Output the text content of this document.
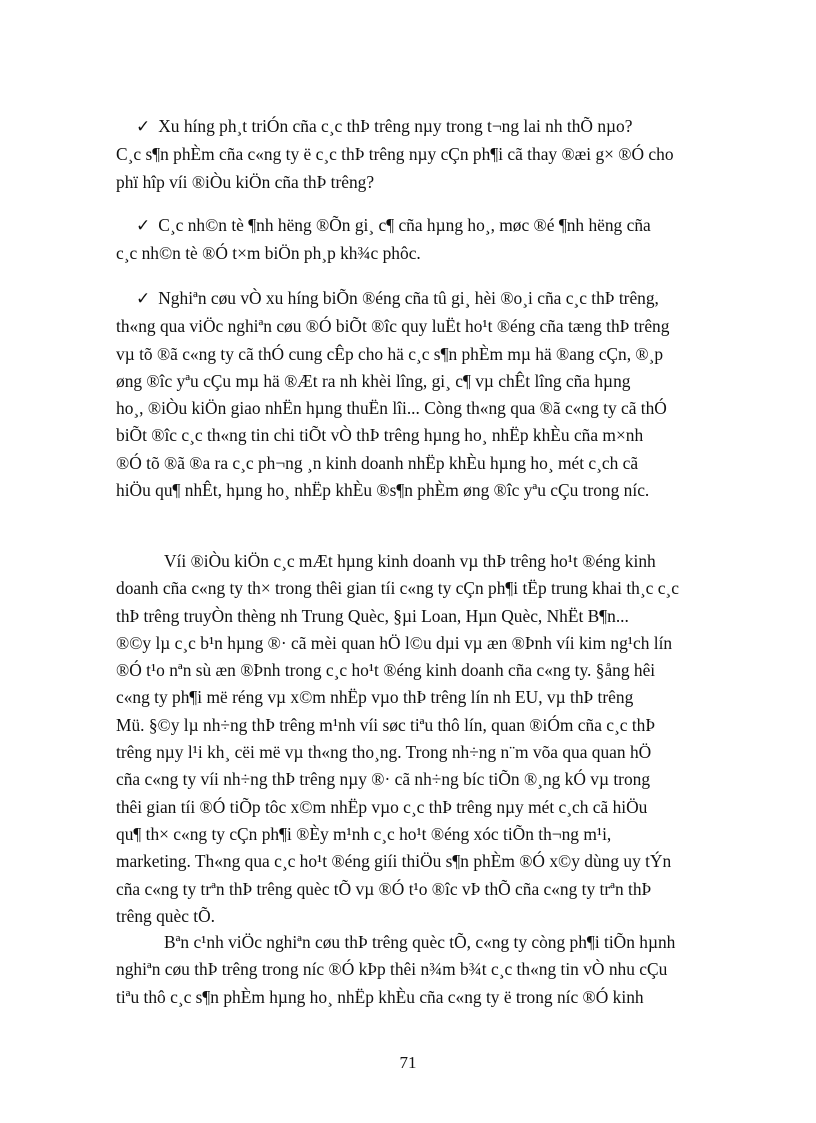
✓ Xu híng ph¸t triÓn cña c¸c thÞ trêng nµy trong t¬ng lai nh thÕ nµo?
C¸c s¶n phÈm cña c«ng ty ë c¸c thÞ trêng nµy cÇn ph¶i cã thay ®æi g× ®Ó cho
phï hîp víi ®iÒu kiÖn cña thÞ trêng?
✓ C¸c nh©n tè ¶nh hëng ®Õn gi¸ c¶ cña hµng ho¸, møc ®é ¶nh hëng cña
c¸c nh©n tè ®Ó t×m biÖn ph¸p kh¾c phôc.
✓ Nghiªn cøu vÒ xu híng biÕn ®éng cña tû gi¸ hèi ®o¸i cña c¸c thÞ trêng,
th«ng qua viÖc nghiªn cøu ®Ó biÕt ®îc quy luËt ho¹t ®éng cña tæng thÞ trêng
vµ tõ ®ã c«ng ty cã thÓ cung cÊp cho hä c¸c s¶n phÈm mµ hä ®ang cÇn, ®¸p
øng ®îc yªu cÇu mµ hä ®Æt ra nh khèi lîng, gi¸ c¶ vµ chÊt lîng cña hµng
ho¸, ®iÒu kiÖn giao nhËn hµng thuËn lîi... Còng th«ng qua ®ã c«ng ty cã thÓ
biÕt ®îc c¸c th«ng tin chi tiÕt vÒ thÞ trêng hµng ho¸ nhËp khÈu cña m×nh
®Ó tõ ®ã ®a ra c¸c ph¬ng ¸n kinh doanh nhËp khÈu hµng ho¸ mét c¸ch cã
hiÖu qu¶ nhÊt, hµng ho¸ nhËp khÈu ®s¶n phÈm øng ®îc yªu cÇu trong níc.
Víi ®iÒu kiÖn c¸c mÆt hµng kinh doanh vµ thÞ trêng ho¹t ®éng kinh
doanh cña c«ng ty th× trong thêi gian tíi c«ng ty cÇn ph¶i tËp trung khai th¸c c¸c
thÞ trêng truyÒn thèng nh Trung Quèc, §µi Loan, Hµn Quèc, NhËt B¶n...
®©y lµ c¸c b¹n hµng ®· cã mèi quan hÖ l©u dµi vµ æn ®Þnh víi kim ng¹ch lín
®Ó t¹o nªn sù æn ®Þnh trong c¸c ho¹t ®éng kinh doanh cña c«ng ty. §ång hêi
c«ng ty ph¶i më réng vµ x©m nhËp vµo thÞ trêng lín nh EU, vµ thÞ trêng
Mü. §©y lµ nh÷ng thÞ trêng m¹nh víi søc tiªu thô lín, quan ®iÓm cña c¸c thÞ
trêng nµy l¹i kh¸ cëi më vµ th«ng tho¸ng. Trong nh÷ng n¨m võa qua quan hÖ
cña c«ng ty víi nh÷ng thÞ trêng nµy ®· cã nh÷ng bíc tiÕn ®¸ng kÓ vµ trong
thêi gian tíi ®Ó tiÕp tôc x©m nhËp vµo c¸c thÞ trêng nµy mét c¸ch cã hiÖu
qu¶ th× c«ng ty cÇn ph¶i ®Èy m¹nh c¸c ho¹t ®éng xóc tiÕn th¬ng m¹i,
marketing. Th«ng qua c¸c ho¹t ®éng giíi thiÖu s¶n phÈm ®Ó x©y dùng uy tÝn
cña c«ng ty trªn thÞ trêng quèc tÕ vµ ®Ó t¹o ®îc vÞ thÕ cña c«ng ty trªn thÞ
trêng quèc tÕ.
Bªn c¹nh viÖc nghiªn cøu thÞ trêng quèc tÕ, c«ng ty còng ph¶i tiÕn hµnh
nghiªn cøu thÞ trêng trong níc ®Ó kÞp thêi n¾m b¾t c¸c th«ng tin vÒ nhu cÇu
tiªu thô c¸c s¶n phÈm hµng ho¸ nhËp khÈu cña c«ng ty ë trong níc ®Ó kinh
71
